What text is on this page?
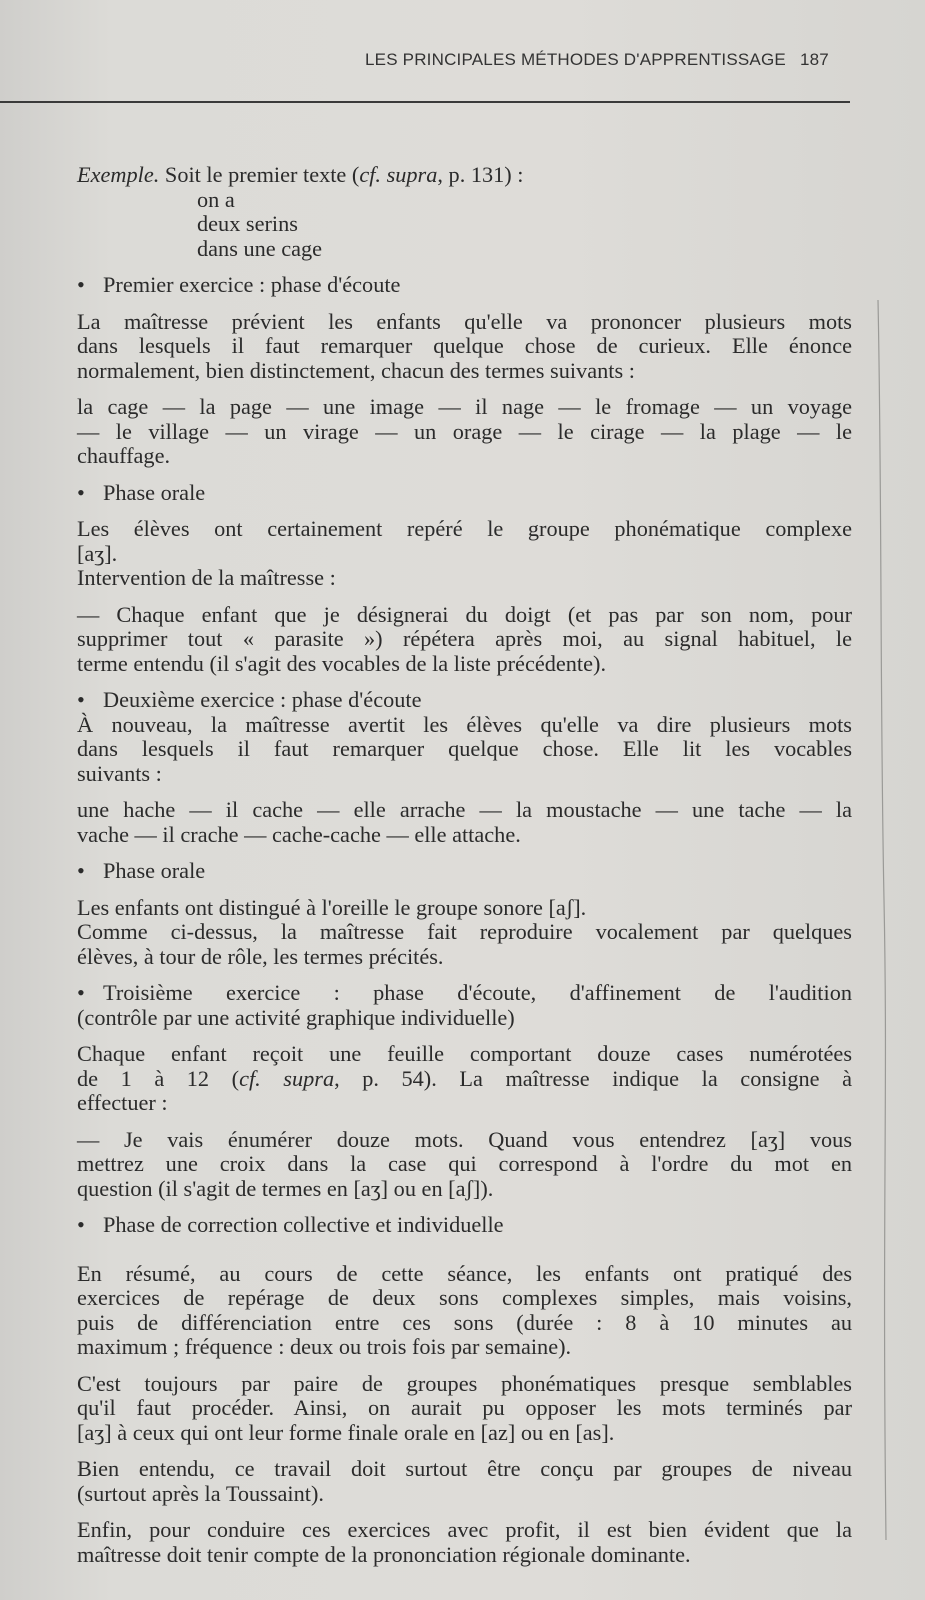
LES PRINCIPALES MÉTHODES D'APPRENTISSAGE 187
Exemple. Soit le premier texte (cf. supra, p. 131) :
on a
deux serins
dans une cage
• Premier exercice : phase d'écoute
La maîtresse prévient les enfants qu'elle va prononcer plusieurs mots
dans lesquels il faut remarquer quelque chose de curieux. Elle énonce
normalement, bien distinctement, chacun des termes suivants :
la cage — la page — une image — il nage — le fromage — un voyage
— le village — un virage — un orage — le cirage — la plage — le
chauffage.
• Phase orale
Les élèves ont certainement repéré le groupe phonématique complexe
[aʒ].
Intervention de la maîtresse :
— Chaque enfant que je désignerai du doigt (et pas par son nom, pour
supprimer tout « parasite ») répétera après moi, au signal habituel, le
terme entendu (il s'agit des vocables de la liste précédente).
• Deuxième exercice : phase d'écoute
À nouveau, la maîtresse avertit les élèves qu'elle va dire plusieurs mots
dans lesquels il faut remarquer quelque chose. Elle lit les vocables
suivants :
une hache — il cache — elle arrache — la moustache — une tache — la
vache — il crache — cache-cache — elle attache.
• Phase orale
Les enfants ont distingué à l'oreille le groupe sonore [aʃ].
Comme ci-dessus, la maîtresse fait reproduire vocalement par quelques
élèves, à tour de rôle, les termes précités.
• Troisième exercice : phase d'écoute, d'affinement de l'audition
(contrôle par une activité graphique individuelle)
Chaque enfant reçoit une feuille comportant douze cases numérotées
de 1 à 12 (cf. supra, p. 54). La maîtresse indique la consigne à
effectuer :
— Je vais énumérer douze mots. Quand vous entendrez [aʒ] vous
mettrez une croix dans la case qui correspond à l'ordre du mot en
question (il s'agit de termes en [aʒ] ou en [aʃ]).
• Phase de correction collective et individuelle
En résumé, au cours de cette séance, les enfants ont pratiqué des
exercices de repérage de deux sons complexes simples, mais voisins,
puis de différenciation entre ces sons (durée : 8 à 10 minutes au
maximum ; fréquence : deux ou trois fois par semaine).
C'est toujours par paire de groupes phonématiques presque semblables
qu'il faut procéder. Ainsi, on aurait pu opposer les mots terminés par
[aʒ] à ceux qui ont leur forme finale orale en [az] ou en [as].
Bien entendu, ce travail doit surtout être conçu par groupes de niveau
(surtout après la Toussaint).
Enfin, pour conduire ces exercices avec profit, il est bien évident que la
maîtresse doit tenir compte de la prononciation régionale dominante.
